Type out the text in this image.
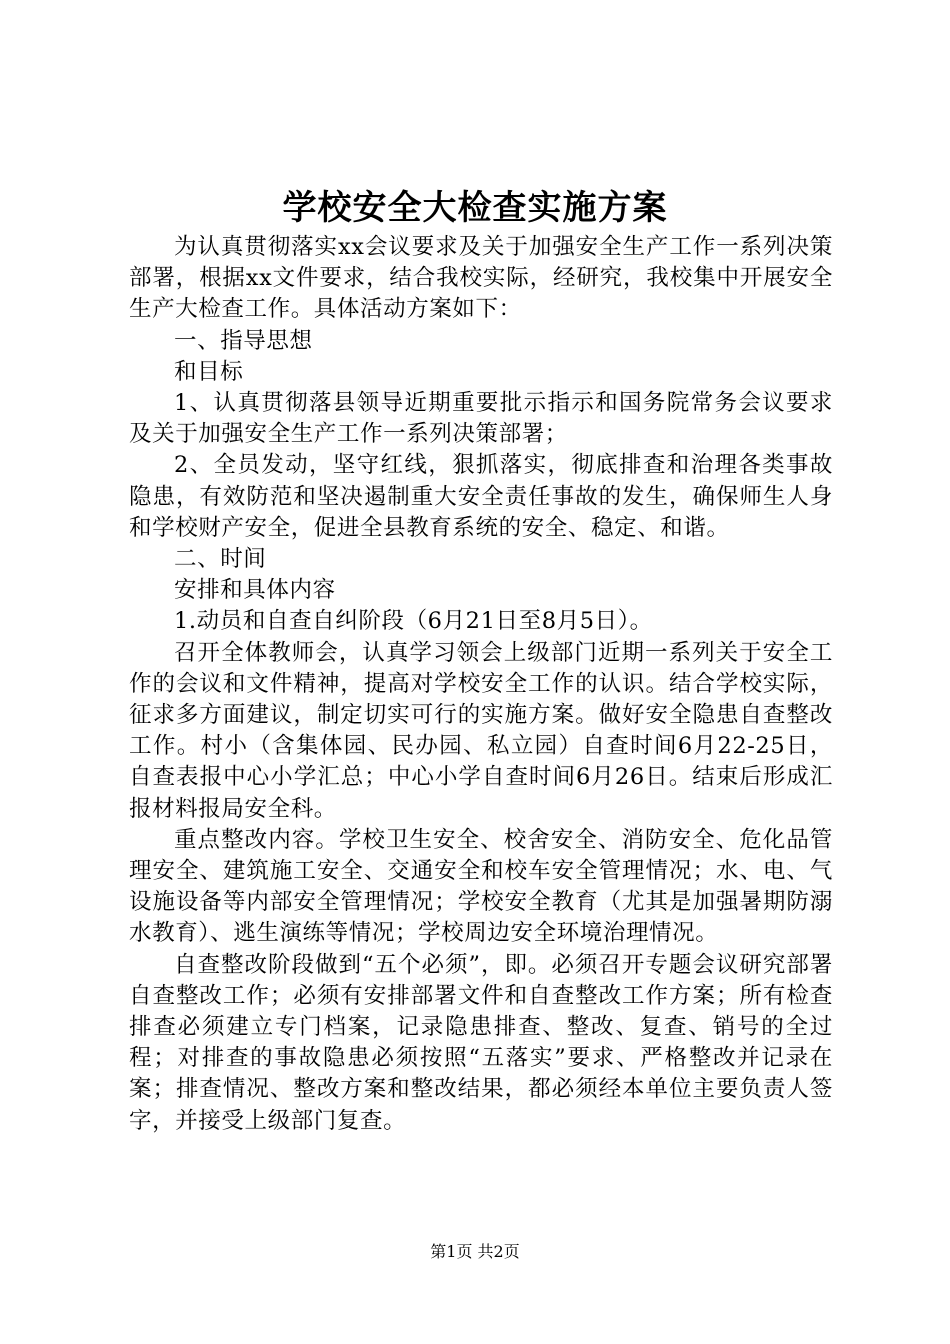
学校安全大检查实施方案

为认真贯彻落实xx会议要求及关于加强安全生产工作一系列决策部署，根据xx文件要求，结合我校实际，经研究，我校集中开展安全生产大检查工作。具体活动方案如下：

一、指导思想

和目标

1、认真贯彻落县领导近期重要批示指示和国务院常务会议要求及关于加强安全生产工作一系列决策部署；

2、全员发动，坚守红线，狠抓落实，彻底排查和治理各类事故隐患，有效防范和坚决遏制重大安全责任事故的发生，确保师生人身和学校财产安全，促进全县教育系统的安全、稳定、和谐。

二、时间

安排和具体内容

1.动员和自查自纠阶段（6月21日至8月5日）。

召开全体教师会，认真学习领会上级部门近期一系列关于安全工作的会议和文件精神，提高对学校安全工作的认识。结合学校实际，征求多方面建议，制定切实可行的实施方案。做好安全隐患自查整改工作。村小（含集体园、民办园、私立园）自查时间6月22-25日，自查表报中心小学汇总；中心小学自查时间6月26日。结束后形成汇报材料报局安全科。

重点整改内容。学校卫生安全、校舍安全、消防安全、危化品管理安全、建筑施工安全、交通安全和校车安全管理情况；水、电、气设施设备等内部安全管理情况；学校安全教育（尤其是加强暑期防溺水教育）、逃生演练等情况；学校周边安全环境治理情况。

自查整改阶段做到“五个必须”，即。必须召开专题会议研究部署自查整改工作；必须有安排部署文件和自查整改工作方案；所有检查排查必须建立专门档案，记录隐患排查、整改、复查、销号的全过程；对排查的事故隐患必须按照“五落实”要求、严格整改并记录在案；排查情况、整改方案和整改结果，都必须经本单位主要负责人签字，并接受上级部门复查。

第1页 共2页
